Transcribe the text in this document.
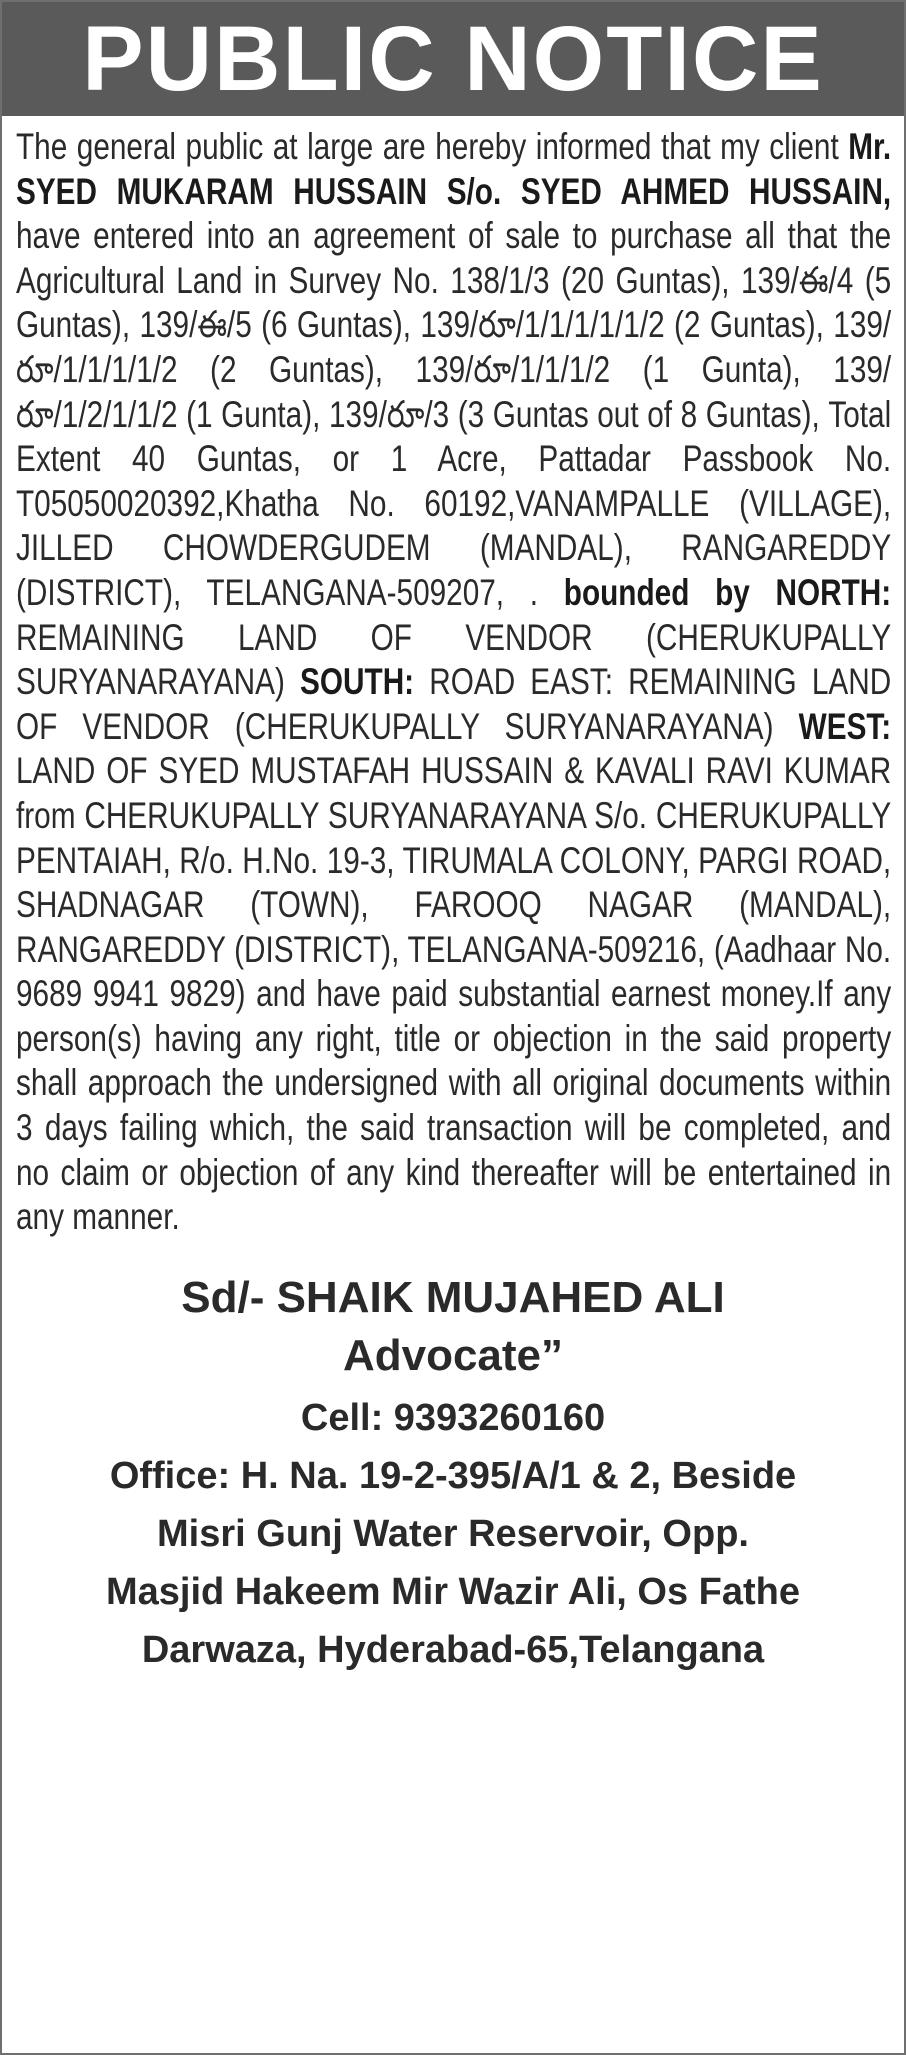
PUBLIC NOTICE
The general public at large are hereby informed that my client Mr. SYED MUKARAM HUSSAIN S/o. SYED AHMED HUSSAIN, have entered into an agreement of sale to purchase all that the Agricultural Land in Survey No. 138/1/3 (20 Guntas), 139/ఈ/4 (5 Guntas), 139/ఈ/5 (6 Guntas), 139/రూ/1/1/1/1/1/2 (2 Guntas), 139/రూ/1/1/1/1/2 (2 Guntas), 139/రూ/1/1/1/2 (1 Gunta), 139/రూ/1/2/1/1/2 (1 Gunta), 139/రూ/3 (3 Guntas out of 8 Guntas), Total Extent 40 Guntas, or 1 Acre, Pattadar Passbook No. T05050020392,Khatha No. 60192,VANAMPALLE (VILLAGE), JILLED CHOWDERGUDEM (MANDAL), RANGAREDDY (DISTRICT), TELANGANA-509207, . bounded by NORTH: REMAINING LAND OF VENDOR (CHERUKUPALLY SURYANARAYANA) SOUTH: ROAD EAST: REMAINING LAND OF VENDOR (CHERUKUPALLY SURYANARAYANA) WEST: LAND OF SYED MUSTAFAH HUSSAIN & KAVALI RAVI KUMAR from CHERUKUPALLY SURYANARAYANA S/o. CHERUKUPALLY PENTAIAH, R/o. H.No. 19-3, TIRUMALA COLONY, PARGI ROAD, SHADNAGAR (TOWN), FAROOQ NAGAR (MANDAL), RANGAREDDY (DISTRICT), TELANGANA-509216, (Aadhaar No. 9689 9941 9829) and have paid substantial earnest money.If any person(s) having any right, title or objection in the said property shall approach the undersigned with all original documents within 3 days failing which, the said transaction will be completed, and no claim or objection of any kind thereafter will be entertained in any manner.
Sd/- SHAIK MUJAHED ALI
Advocate”
Cell: 9393260160
Office: H. Na. 19-2-395/A/1 & 2, Beside
Misri Gunj Water Reservoir, Opp.
Masjid Hakeem Mir Wazir Ali, Os Fathe
Darwaza, Hyderabad-65,Telangana
